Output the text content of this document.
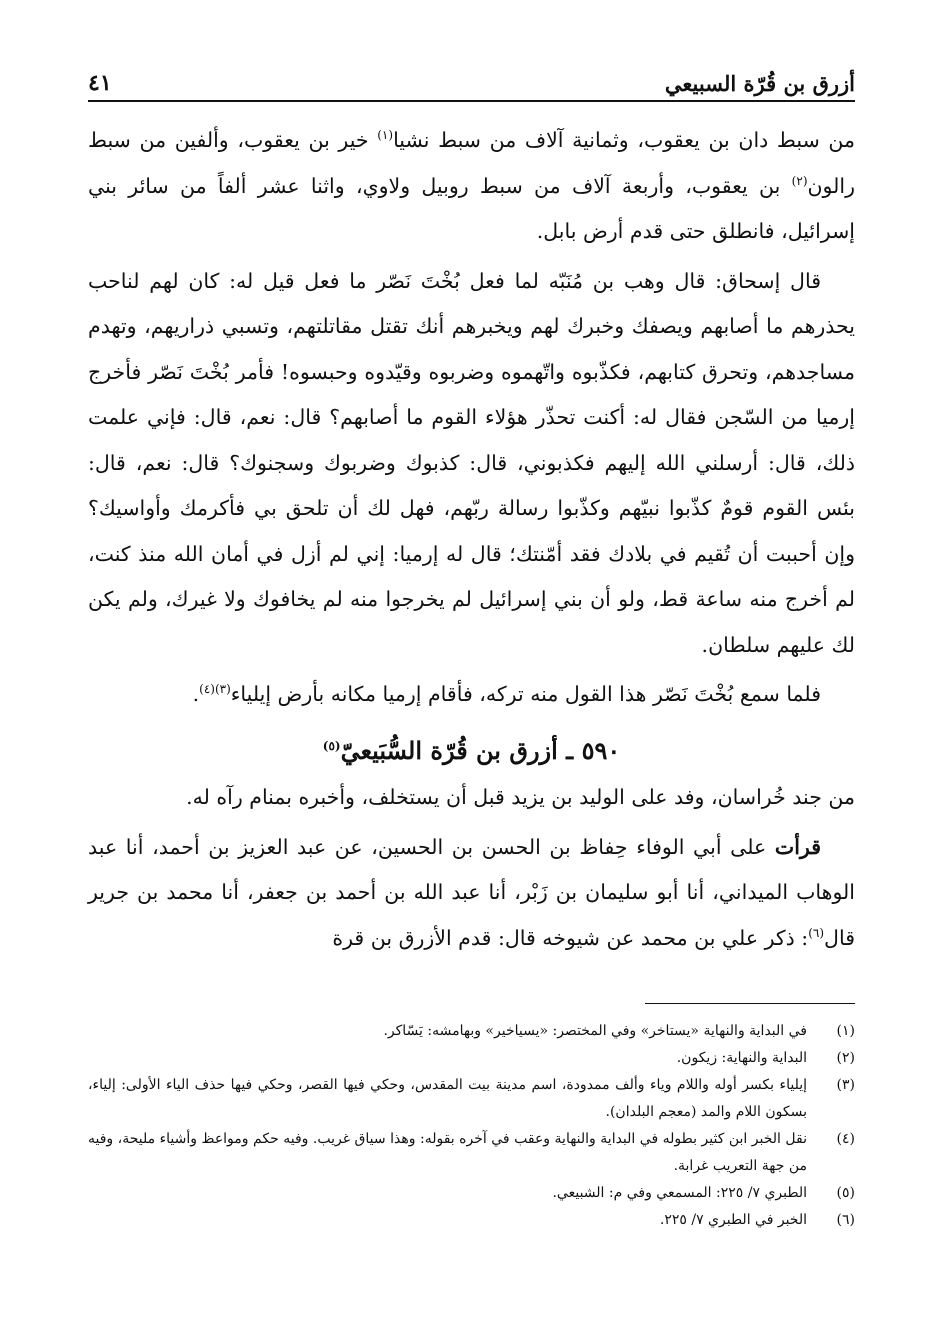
أزرق بن قُرّة السبيعي
٤١

من سبط دان بن يعقوب، وثمانية آلاف من سبط نشيا$^{(١)}$ خير بن يعقوب، وألفين من سبط رالون$^{(٢)}$ بن يعقوب، وأربعة آلاف من سبط روبيل ولاوي، واثنا عشر ألفاً من سائر بني إسرائيل، فانطلق حتى قدم أرض بابل.

قال إسحاق: قال وهب بن مُنَبّه لما فعل بُخْتَ نَصّر ما فعل قيل له: كان لهم لناحب يحذرهم ما أصابهم ويصفك وخبرك لهم ويخبرهم أنك تقتل مقاتلتهم، وتسبي ذراريهم، وتهدم مساجدهم، وتحرق كتابهم، فكذّبوه واتّهموه وضربوه وقيّدوه وحبسوه! فأمر بُخْتَ نَصّر فأخرج إرميا من السّجن فقال له: أكنت تحذّر هؤلاء القوم ما أصابهم؟ قال: نعم، قال: فإني علمت ذلك، قال: أرسلني الله إليهم فكذبوني، قال: كذبوك وضربوك وسجنوك؟ قال: نعم، قال: بئس القوم قومٌ كذّبوا نبيّهم وكذّبوا رسالة ربّهم، فهل لك أن تلحق بي فأكرمك وأواسيك؟ وإن أحببت أن تُقيم في بلادك فقد أمّنتك؛ قال له إرميا: إني لم أزل في أمان الله منذ كنت، لم أخرج منه ساعة قط، ولو أن بني إسرائيل لم يخرجوا منه لم يخافوك ولا غيرك، ولم يكن لك عليهم سلطان.

فلما سمع بُخْتَ نَصّر هذا القول منه تركه، فأقام إرميا مكانه بأرض إيلياء$^{(٣)(٤)}$.

٥٩٠ ـ أزرق بن قُرّة السُّبَيعيّ$^{(٥)}$

من جند خُراسان، وفد على الوليد بن يزيد قبل أن يستخلف، وأخبره بمنام رآه له.

قرأت على أبي الوفاء حِفاظ بن الحسن بن الحسين، عن عبد العزيز بن أحمد، أنا عبد الوهاب الميداني، أنا أبو سليمان بن زَبْر، أنا عبد الله بن أحمد بن جعفر، أنا محمد بن جرير قال$^{(٦)}$: ذكر علي بن محمد عن شيوخه قال: قدم الأزرق بن قرة

(١)
في البداية والنهاية «يستاخر» وفي المختصر: «يسياخير» وبهامشه: يَسّاكر.
(٢)
البداية والنهاية: زيكون.
(٣)
إيلياء بكسر أوله واللام وياء وألف ممدودة، اسم مدينة بيت المقدس، وحكي فيها القصر، وحكي فيها حذف الياء الأولى: إلياء، بسكون اللام والمد (معجم البلدان).
(٤)
نقل الخبر ابن كثير بطوله في البداية والنهاية وعقب في آخره بقوله: وهذا سياق غريب. وفيه حكم ومواعظ وأشياء مليحة، وفيه من جهة التعريب غرابة.
(٥)
الطبري ٧/ ٢٢٥: المسمعي وفي م: الشبيعي.
(٦)
الخبر في الطبري ٧/ ٢٢٥.
